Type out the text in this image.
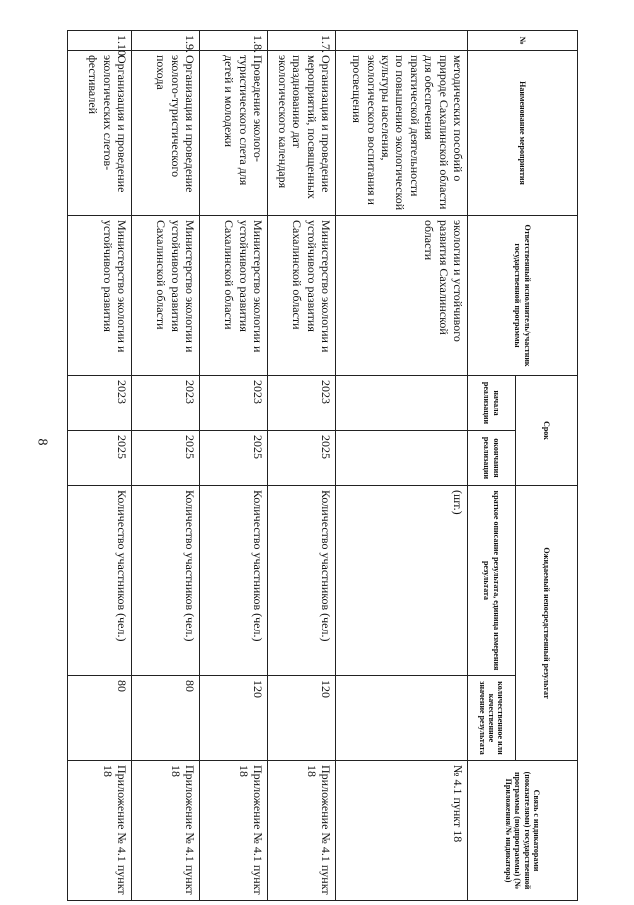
8
№	Наименование мероприятия	Ответственный исполнитель/участник государственной программы	Срок		Ожидаемый непосредственный результат		Связь с индикаторами (показателями) государственной программы (подпрограммы) (№ Приложения/№ индикатора)
			начала реализации	окончания реализации	краткое описание результата, единица измерения результата	количественное или качественное значение результата	
	методических пособий о природе Сахалинской области для обеспечения практической деятельности по повышению экологической культуры населения, экологического воспитания и просвещения	экологии и устойчивого развития Сахалинской области			(шт.)		№ 4.1 пункт 18
1.7.	Организация и проведение мероприятий, посвященных празднованию дат экологического календаря	Министерство экологии и устойчивого развития Сахалинской области	2023	2025	Количество участников (чел.)	120	Приложение № 4.1 пункт 18
1.8.	Проведение эколого-туристического слета для детей и молодежи	Министерство экологии и устойчивого развития Сахалинской области	2023	2025	Количество участников (чел.)	120	Приложение № 4.1 пункт 18
1.9.	Организация и проведение эколого-туристического похода	Министерство экологии и устойчивого развития Сахалинской области	2023	2025	Количество участников (чел.)	80	Приложение № 4.1 пункт 18
1.10.	Организация и проведение экологических слетов-фестивалей	Министерство экологии и устойчивого развития	2023	2025	Количество участников (чел.)	80	Приложение № 4.1 пункт 18
